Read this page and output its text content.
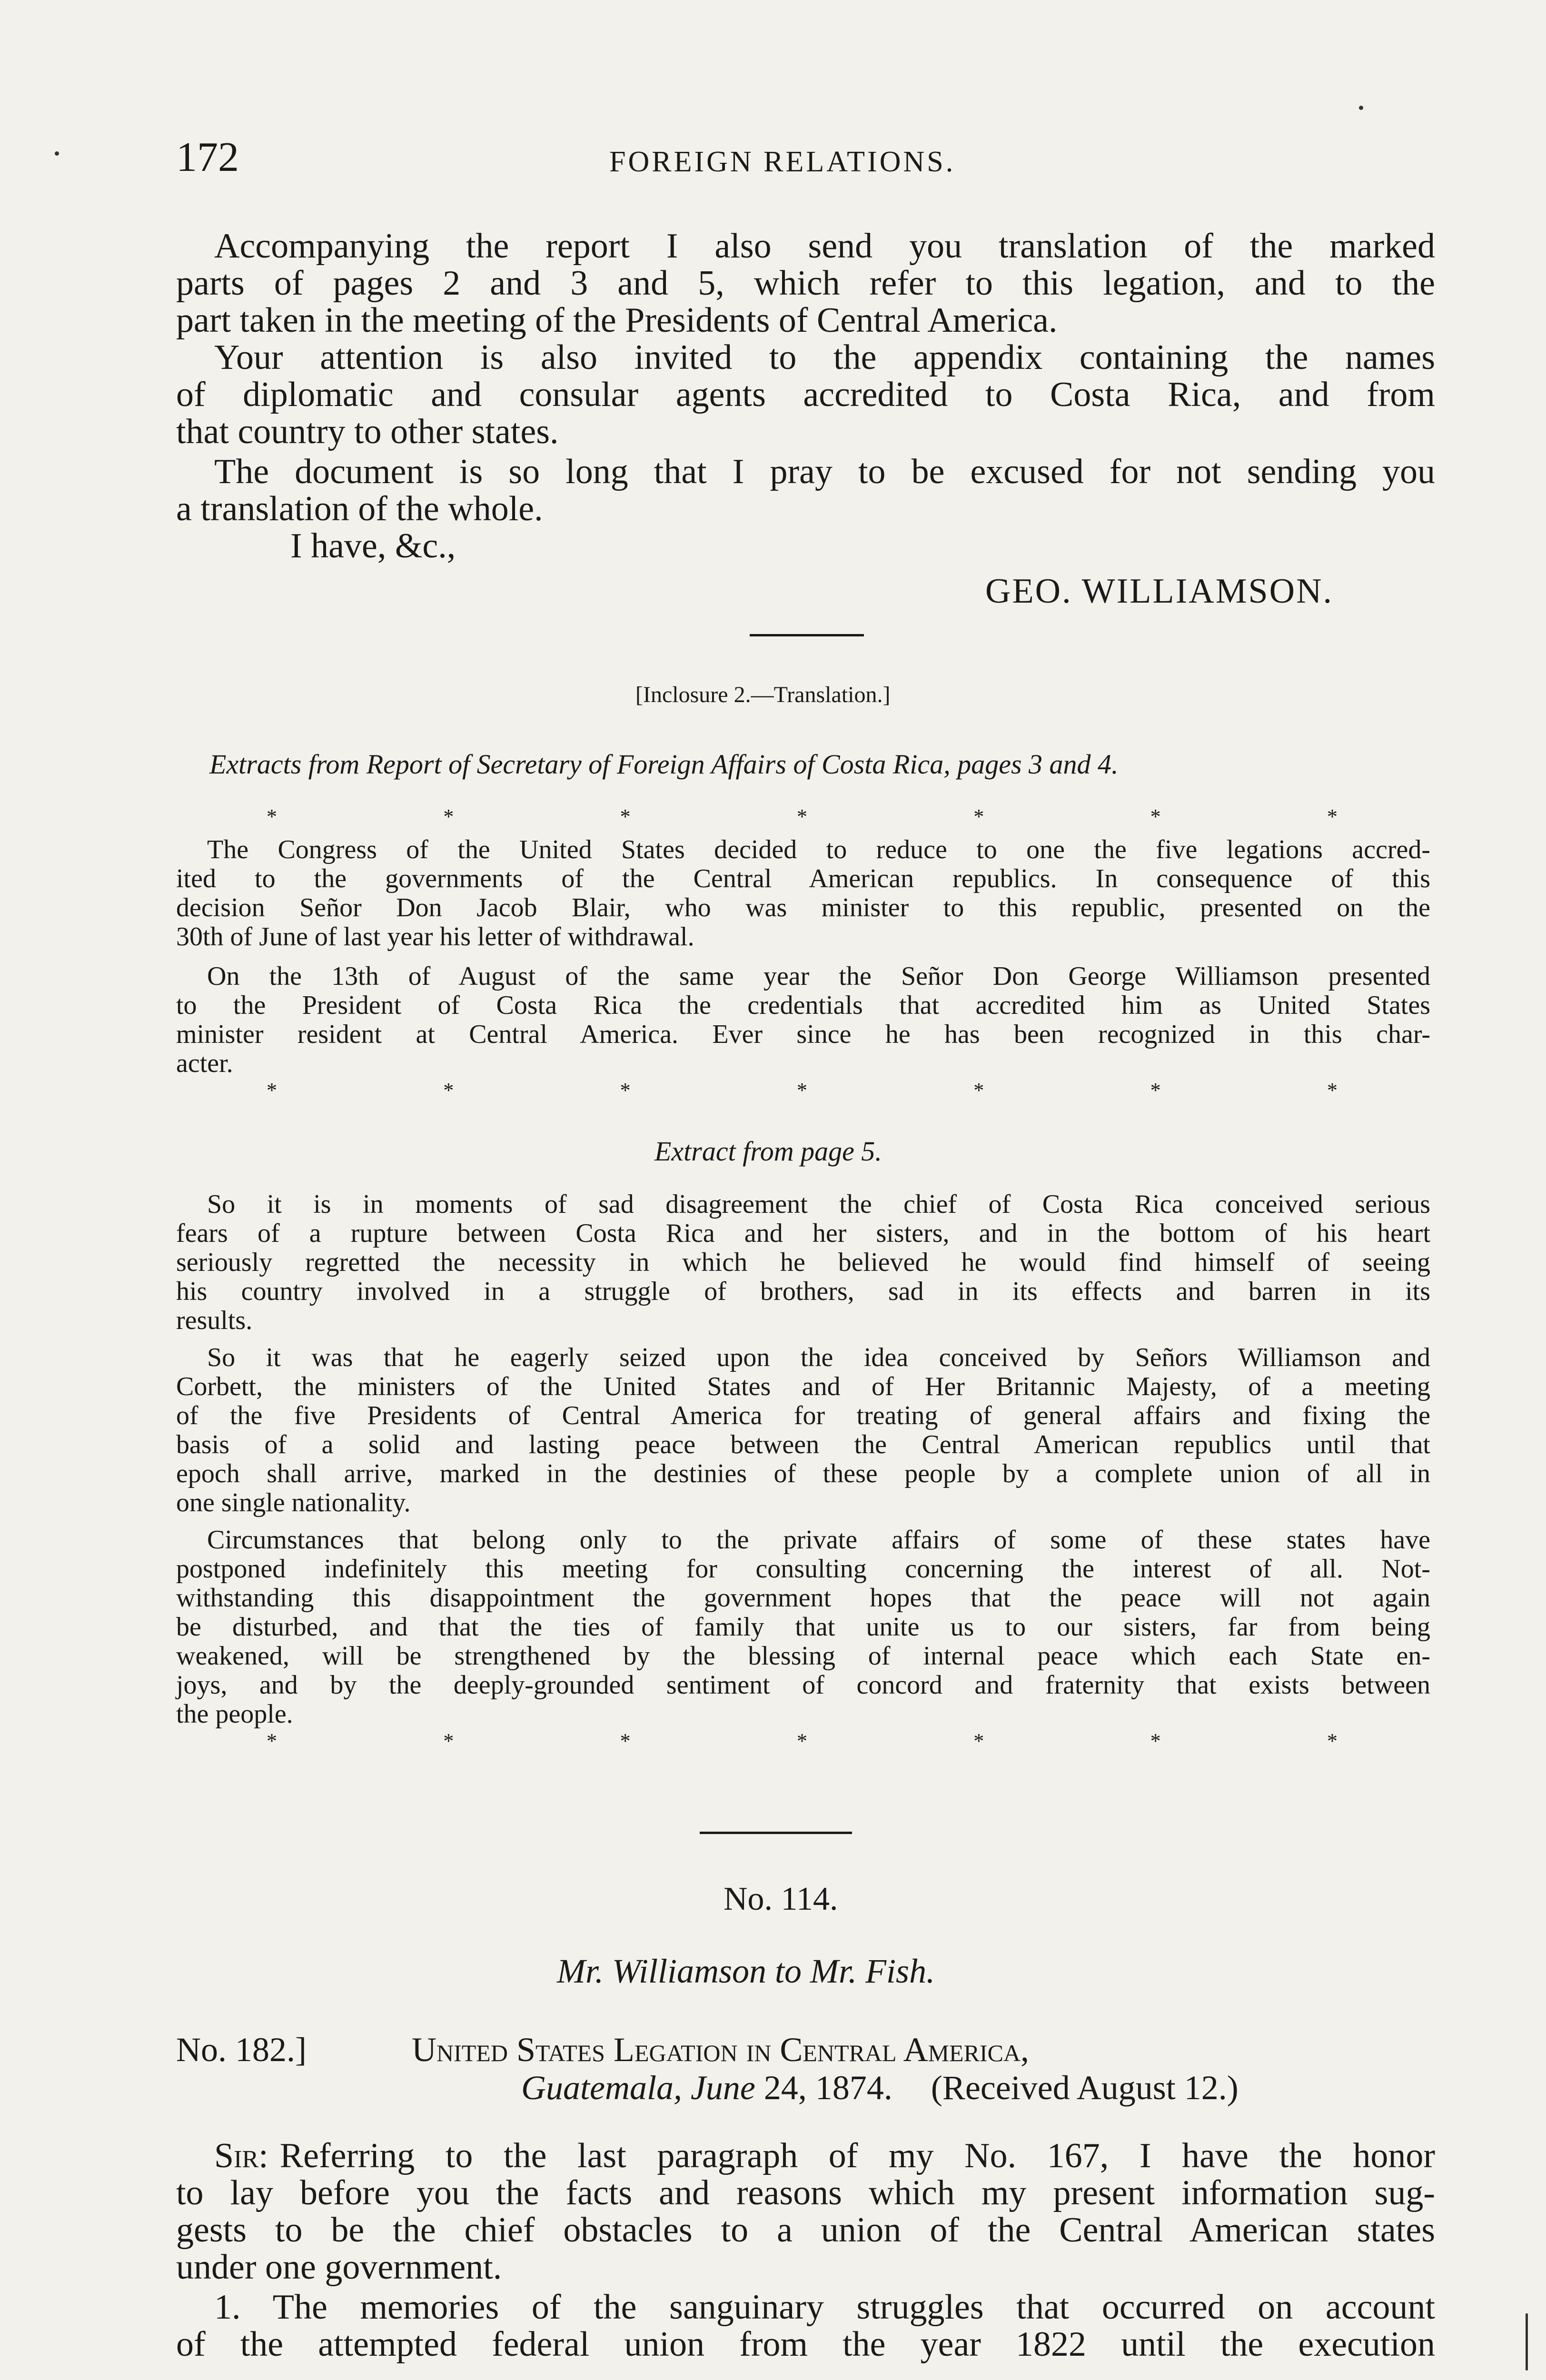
172	FOREIGN RELATIONS.
Accompanying the report I also send you translation of the marked
parts of pages 2 and 3 and 5, which refer to this legation, and to the
part taken in the meeting of the Presidents of Central America.
Your attention is also invited to the appendix containing the names
of diplomatic and consular agents accredited to Costa Rica, and from
that country to other states.
The document is so long that I pray to be excused for not sending you
a translation of the whole.
I have, &c.,
GEO. WILLIAMSON.
[Inclosure 2.—Translation.]
Extracts from Report of Secretary of Foreign Affairs of Costa Rica, pages 3 and 4.
*	*	*	*	*	*	*
The Congress of the United States decided to reduce to one the five legations accred-
ited to the governments of the Central American republics. In consequence of this
decision Señor Don Jacob Blair, who was minister to this republic, presented on the
30th of June of last year his letter of withdrawal.
On the 13th of August of the same year the Señor Don George Williamson presented
to the President of Costa Rica the credentials that accredited him as United States
minister resident at Central America. Ever since he has been recognized in this char-
acter.
*	*	*	*	*	*	*
Extract from page 5.
So it is in moments of sad disagreement the chief of Costa Rica conceived serious
fears of a rupture between Costa Rica and her sisters, and in the bottom of his heart
seriously regretted the necessity in which he believed he would find himself of seeing
his country involved in a struggle of brothers, sad in its effects and barren in its
results.
So it was that he eagerly seized upon the idea conceived by Señors Williamson and
Corbett, the ministers of the United States and of Her Britannic Majesty, of a meeting
of the five Presidents of Central America for treating of general affairs and fixing the
basis of a solid and lasting peace between the Central American republics until that
epoch shall arrive, marked in the destinies of these people by a complete union of all in
one single nationality.
Circumstances that belong only to the private affairs of some of these states have
postponed indefinitely this meeting for consulting concerning the interest of all. Not-
withstanding this disappointment the government hopes that the peace will not again
be disturbed, and that the ties of family that unite us to our sisters, far from being
weakened, will be strengthened by the blessing of internal peace which each State en-
joys, and by the deeply-grounded sentiment of concord and fraternity that exists between
the people.
*	*	*	*	*	*	*
No. 114.
Mr. Williamson to Mr. Fish.
No. 182.]	United States Legation in Central America,
Guatemala, June 24, 1874. (Received August 12.)
Sir: Referring to the last paragraph of my No. 167, I have the honor
to lay before you the facts and reasons which my present information sug-
gests to be the chief obstacles to a union of the Central American states
under one government.
1. The memories of the sanguinary struggles that occurred on account
of the attempted federal union from the year 1822 until the execution
